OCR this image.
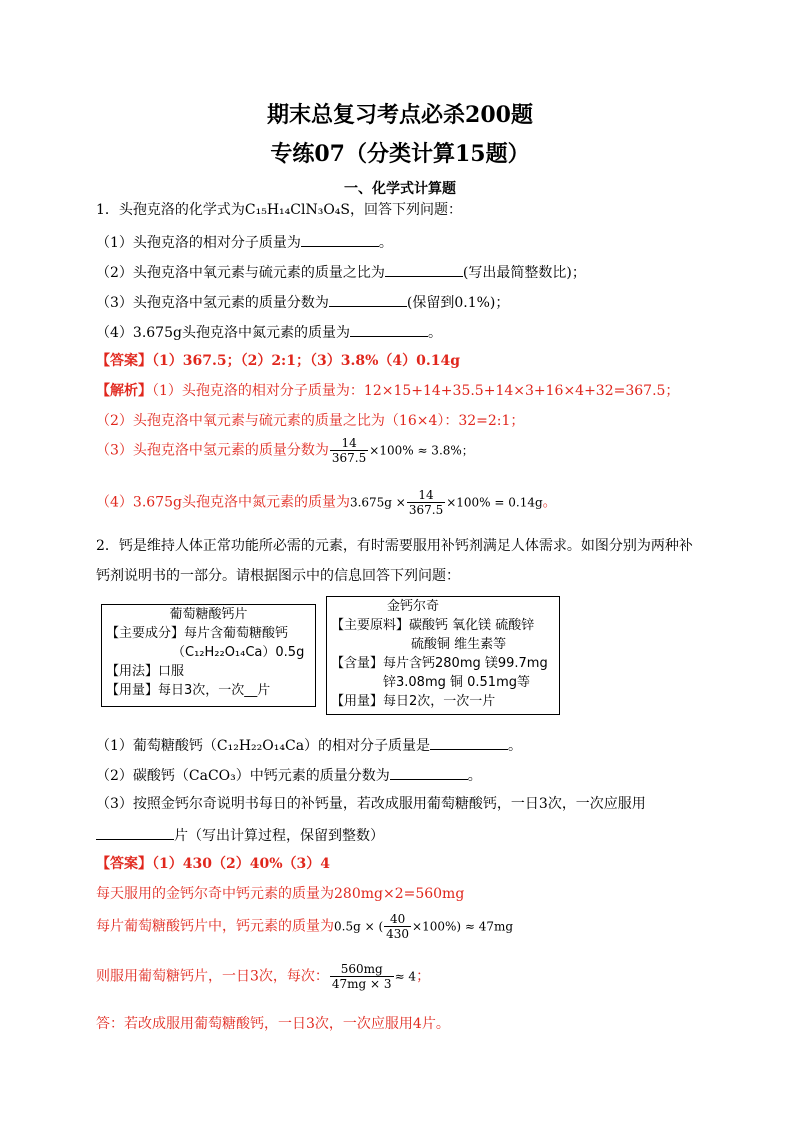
期末总复习考点必杀200题
专练07（分类计算15题）
一、化学式计算题
1．头孢克洛的化学式为C₁₅H₁₄ClN₃O₄S，回答下列问题：
（1）头孢克洛的相对分子质量为	。
（2）头孢克洛中氧元素与硫元素的质量之比为	(写出最简整数比)；
（3）头孢克洛中氢元素的质量分数为	(保留到0.1%)；
（4）3.675g头孢克洛中氮元素的质量为	。
【答案】（1）367.5；（2）2:1；（3）3.8%（4）0.14g
【解析】（1）头孢克洛的相对分子质量为：12×15+14+35.5+14×3+16×4+32=367.5；
（2）头孢克洛中氧元素与硫元素的质量之比为（16×4）：32=2:1；
（3）头孢克洛中氢元素的质量分数为 $\frac{14}{367.5} \times 100\% \approx 3.8\%$；
（4）3.675g头孢克洛中氮元素的质量为$3.675g \times \frac{14}{367.5} \times 100\% = 0.14g$。
2．钙是维持人体正常功能所必需的元素，有时需要服用补钙剂满足人体需求。如图分别为两种补
钙剂说明书的一部分。请根据图示中的信息回答下列问题：
葡萄糖酸钙片
【主要成分】每片含葡萄糖酸钙
（C₁₂H₂₂O₁₄Ca）0.5g
【用法】口服
【用量】每日3次，一次__片
金钙尔奇
【主要原料】碳酸钙 氧化镁 硫酸锌
硫酸铜 维生素等
【含量】每片含钙280mg 镁99.7mg
锌3.08mg 铜 0.51mg等
【用量】每日2次，一次一片
（1）葡萄糖酸钙（C₁₂H₂₂O₁₄Ca）的相对分子质量是	。
（2）碳酸钙（CaCO₃）中钙元素的质量分数为	。
（3）按照金钙尔奇说明书每日的补钙量，若改成服用葡萄糖酸钙，一日3次，一次应服用
片（写出计算过程，保留到整数）
【答案】（1）430（2）40%（3）4
每天服用的金钙尔奇中钙元素的质量为280mg×2=560mg
每片葡萄糖酸钙片中，钙元素的质量为0.5g × ( $\frac{40}{430} \times 100\%) \approx 47mg$
则服用葡萄糖钙片，一日3次，每次： $\frac{560mg}{47mg \times 3} \approx 4$；
答：若改成服用葡萄糖酸钙，一日3次，一次应服用4片。
